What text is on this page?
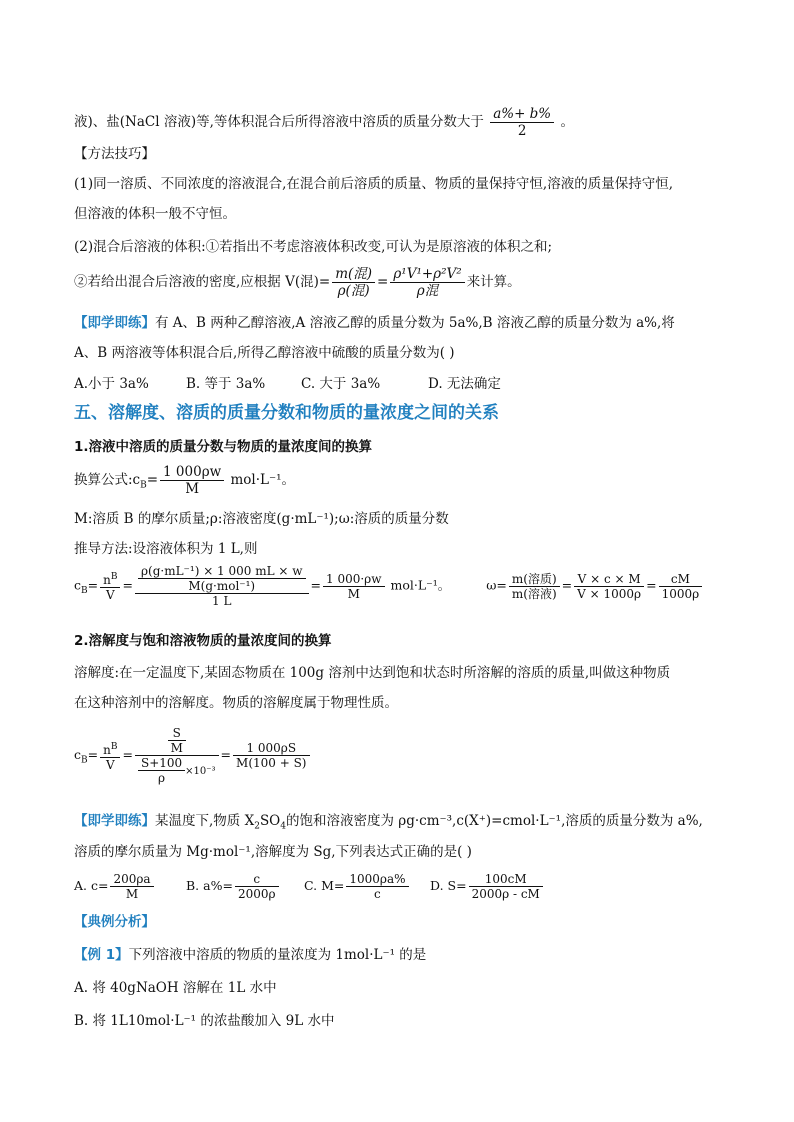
液)、盐(NaCl 溶液)等,等体积混合后所得溶液中溶质的质量分数大于 $\frac{a\%+ b\%}{2}$ 。
【方法技巧】
(1)同一溶质、不同浓度的溶液混合,在混合前后溶质的质量、物质的量保持守恒,溶液的质量保持守恒,
但溶液的体积一般不守恒。
(2)混合后溶液的体积:①若指出不考虑溶液体积改变,可认为是原溶液的体积之和;
②若给出混合后溶液的密度,应根据 V(混)= $\frac{\text{m(混)}}{\text{ρ(混)}} = \frac{\text{ρ¹V¹+ρ²V²}}{\text{ρ混}}$ 来计算。
【即学即练】有 A、B 两种乙醇溶液,A 溶液乙醇的质量分数为 5a%,B 溶液乙醇的质量分数为 a%,将
A、B 两溶液等体积混合后,所得乙醇溶液中硫酸的质量分数为( )
A.小于 3a%	B. 等于 3a%	C. 大于 3a%	D. 无法确定
五、溶解度、溶质的质量分数和物质的量浓度之间的关系
1.溶液中溶质的质量分数与物质的量浓度间的换算
换算公式$:c_B= \frac{1 000\rho w}{M} mol\cdot L^{-1}$。
M:溶质 B 的摩尔质量;ρ:溶液密度(g·mL⁻¹);ω:溶质的质量分数
推导方法:设溶液体积为 1 L,则
$c_B= \frac{n^B}{V} = \frac{\frac{\text{ρ(g·mL⁻¹) × 1 000 mL × w}}{\text{M(g·mol⁻¹)}}}{1 L} = \frac{1 000\cdot\rho w}{M} mol\cdot L^{-1}$。	$\omega= \frac{\text{m(溶质)}}{\text{m(溶液)}} = \frac{V \times c \times M}{V \times 1000\rho} = \frac{cM}{1000\rho}$
2.溶解度与饱和溶液物质的量浓度间的换算
溶解度:在一定温度下,某固态物质在 100g 溶剂中达到饱和状态时所溶解的溶质的质量,叫做这种物质
在这种溶剂中的溶解度。物质的溶解度属于物理性质。
$c_B= \frac{n^B}{V} = \frac{\frac{S}{M}}{\frac{S+100}{\rho} \times 10^{-3}} = \frac{1 000\rho S}{M(100 + S)}$
【即学即练】某温度下,物质 $X_2SO_4$的饱和溶液密度为 ρg·cm⁻³,c(X⁺)=cmol·L⁻¹,溶质的质量分数为 a%,
溶质的摩尔质量为 Mg·mol⁻¹,溶解度为 Sg,下列表达式正确的是( )
A. $c= \frac{200\rho a}{M}$	B. $a\%= \frac{c}{2000\rho} C$. $M= \frac{1000\rho a\%}{c} D$. $S= \frac{100cM}{2000\rho - cM}$
【典例分析】
【例 1】下列溶液中溶质的物质的量浓度为 1mol·L⁻¹ 的是
A. 将 40gNaOH 溶解在 1L 水中
B. 将 1L10mol·L⁻¹ 的浓盐酸加入 9L 水中
